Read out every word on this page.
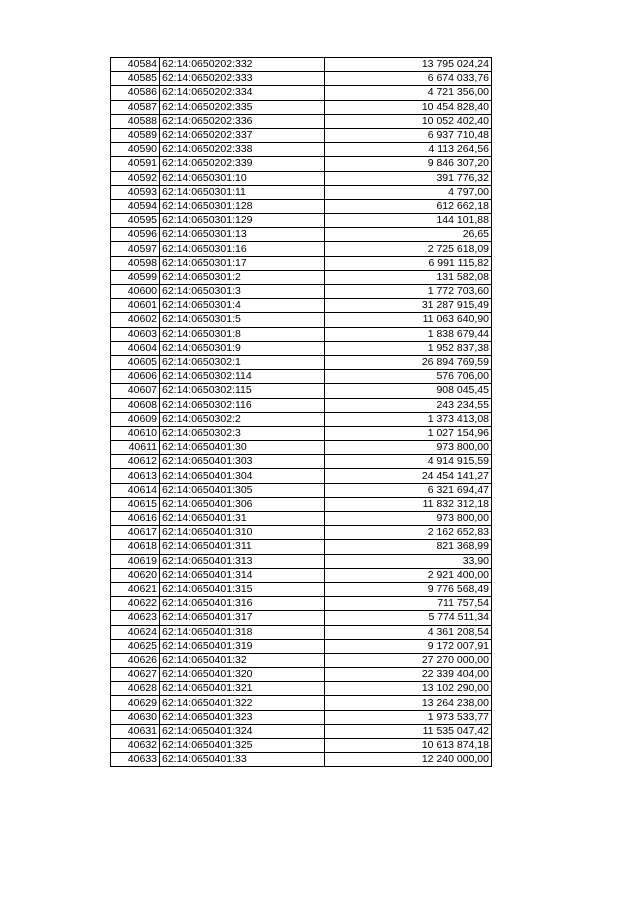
40584	62:14:0650202:332	13 795 024,24
40585	62:14:0650202:333	6 674 033,76
40586	62:14:0650202:334	4 721 356,00
40587	62:14:0650202:335	10 454 828,40
40588	62:14:0650202:336	10 052 402,40
40589	62:14:0650202:337	6 937 710,48
40590	62:14:0650202:338	4 113 264,56
40591	62:14:0650202:339	9 846 307,20
40592	62:14:0650301:10	391 776,32
40593	62:14:0650301:11	4 797,00
40594	62:14:0650301:128	612 662,18
40595	62:14:0650301:129	144 101,88
40596	62:14:0650301:13	26,65
40597	62:14:0650301:16	2 725 618,09
40598	62:14:0650301:17	6 991 115,82
40599	62:14:0650301:2	131 582,08
40600	62:14:0650301:3	1 772 703,60
40601	62:14:0650301:4	31 287 915,49
40602	62:14:0650301:5	11 063 640,90
40603	62:14:0650301:8	1 838 679,44
40604	62:14:0650301:9	1 952 837,38
40605	62:14:0650302:1	26 894 769,59
40606	62:14:0650302:114	576 706,00
40607	62:14:0650302:115	908 045,45
40608	62:14:0650302:116	243 234,55
40609	62:14:0650302:2	1 373 413,08
40610	62:14:0650302:3	1 027 154,96
40611	62:14:0650401:30	973 800,00
40612	62:14:0650401:303	4 914 915,59
40613	62:14:0650401:304	24 454 141,27
40614	62:14:0650401:305	6 321 694,47
40615	62:14:0650401:306	11 832 312,18
40616	62:14:0650401:31	973 800,00
40617	62:14:0650401:310	2 162 652,83
40618	62:14:0650401:311	821 368,99
40619	62:14:0650401:313	33,90
40620	62:14:0650401:314	2 921 400,00
40621	62:14:0650401:315	9 776 568,49
40622	62:14:0650401:316	711 757,54
40623	62:14:0650401:317	5 774 511,34
40624	62:14:0650401:318	4 361 208,54
40625	62:14:0650401:319	9 172 007,91
40626	62:14:0650401:32	27 270 000,00
40627	62:14:0650401:320	22 339 404,00
40628	62:14:0650401:321	13 102 290,00
40629	62:14:0650401:322	13 264 238,00
40630	62:14:0650401:323	1 973 533,77
40631	62:14:0650401:324	11 535 047,42
40632	62:14:0650401:325	10 613 874,18
40633	62:14:0650401:33	12 240 000,00
